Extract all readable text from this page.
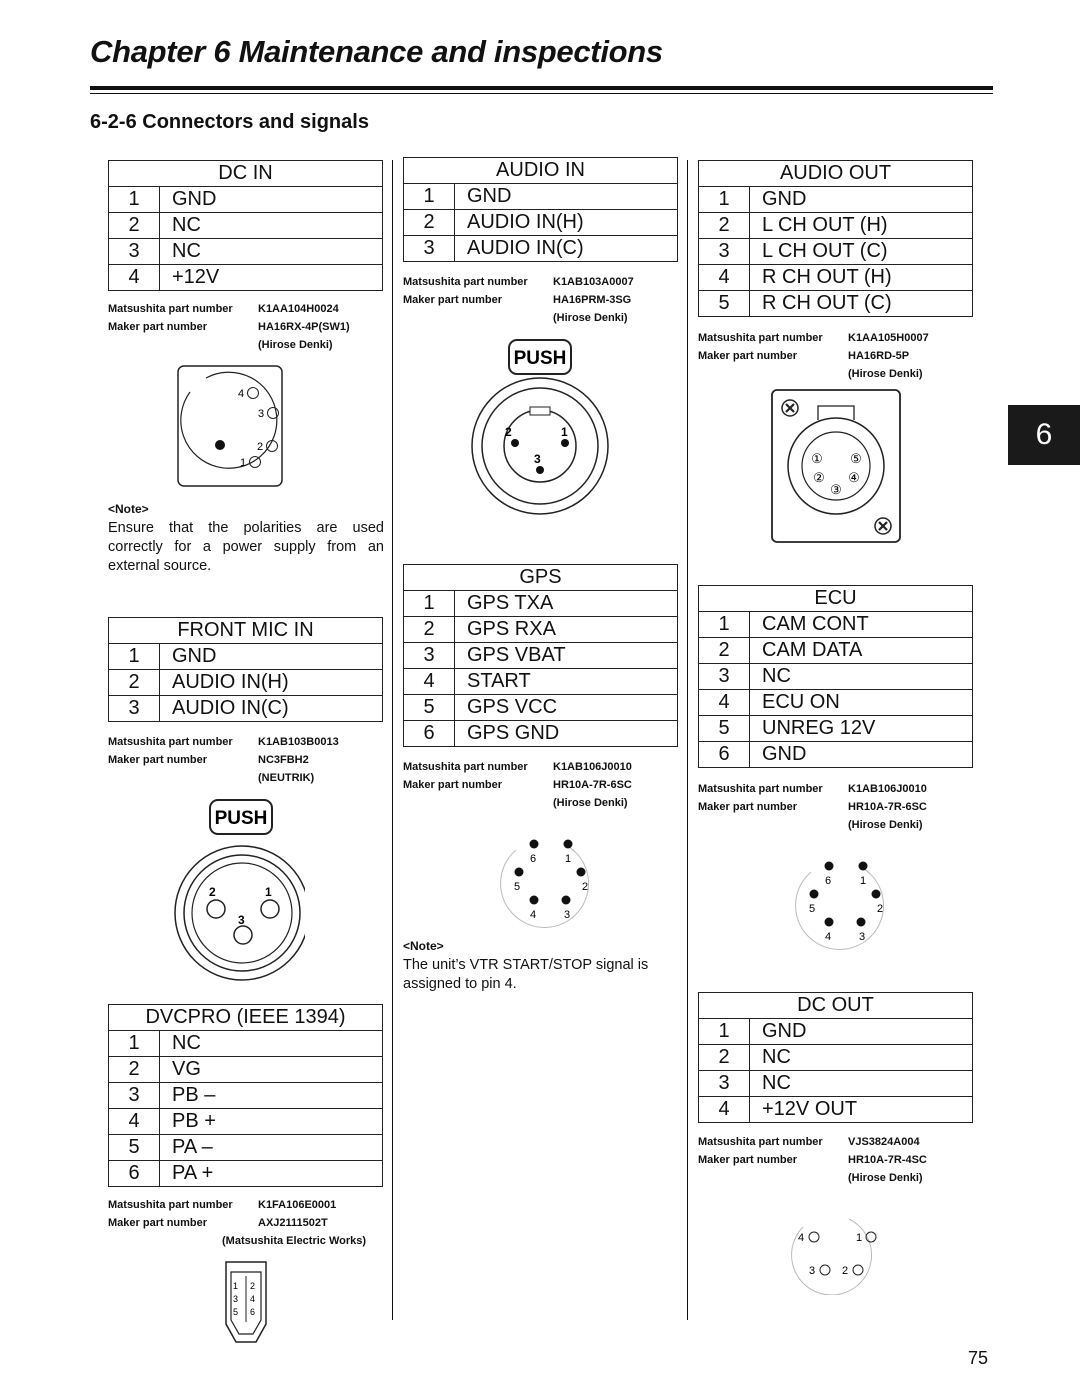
Chapter 6 Maintenance and inspections
6-2-6 Connectors and signals
6
75
DC IN	
1	GND
2	NC
3	NC
4	+12V
Matsushita part number K1AA104H0024
Maker part number	HA16RX-4P(SW1)
(Hirose Denki)
4
3
2
1
<Note>
Ensure that the polarities are used correctly for a power supply from an external source.
FRONT MIC IN	
1	GND
2	AUDIO IN(H)
3	AUDIO IN(C)
Matsushita part number K1AB103B0013
Maker part number	NC3FBH2
(NEUTRIK)
PUSH
2	1
3
DVCPRO (IEEE 1394)	
1	NC
2	VG
3	PB –
4	PB +
5	PA –
6	PA +
Matsushita part number K1FA106E0001
Maker part number	AXJ2111502T
(Matsushita Electric Works)
1 2
3 4
5 6
AUDIO IN	
1	GND
2	AUDIO IN(H)
3	AUDIO IN(C)
Matsushita part number K1AB103A0007
Maker part number	HA16PRM-3SG
(Hirose Denki)
PUSH
2	1
3
GPS	
1	GPS TXA
2	GPS RXA
3	GPS VBAT
4	START
5	GPS VCC
6	GPS GND
Matsushita part number K1AB106J0010
Maker part number	HR10A-7R-6SC
(Hirose Denki)
6	1
5	2
4	3
<Note>
The unit’s VTR START/STOP signal is assigned to pin 4.
AUDIO OUT	
1	GND
2	L CH OUT (H)
3	L CH OUT (C)
4	R CH OUT (H)
5	R CH OUT (C)
Matsushita part number K1AA105H0007
Maker part number	HA16RD-5P
(Hirose Denki)
① ⑤
② ④
③
ECU	
1	CAM CONT
2	CAM DATA
3	NC
4	ECU ON
5	UNREG 12V
6	GND
Matsushita part number K1AB106J0010
Maker part number	HR10A-7R-6SC
(Hirose Denki)
6	1
5	2
4	3
DC OUT	
1	GND
2	NC
3	NC
4	+12V OUT
Matsushita part number VJS3824A004
Maker part number	HR10A-7R-4SC
(Hirose Denki)
4	1
3 2
